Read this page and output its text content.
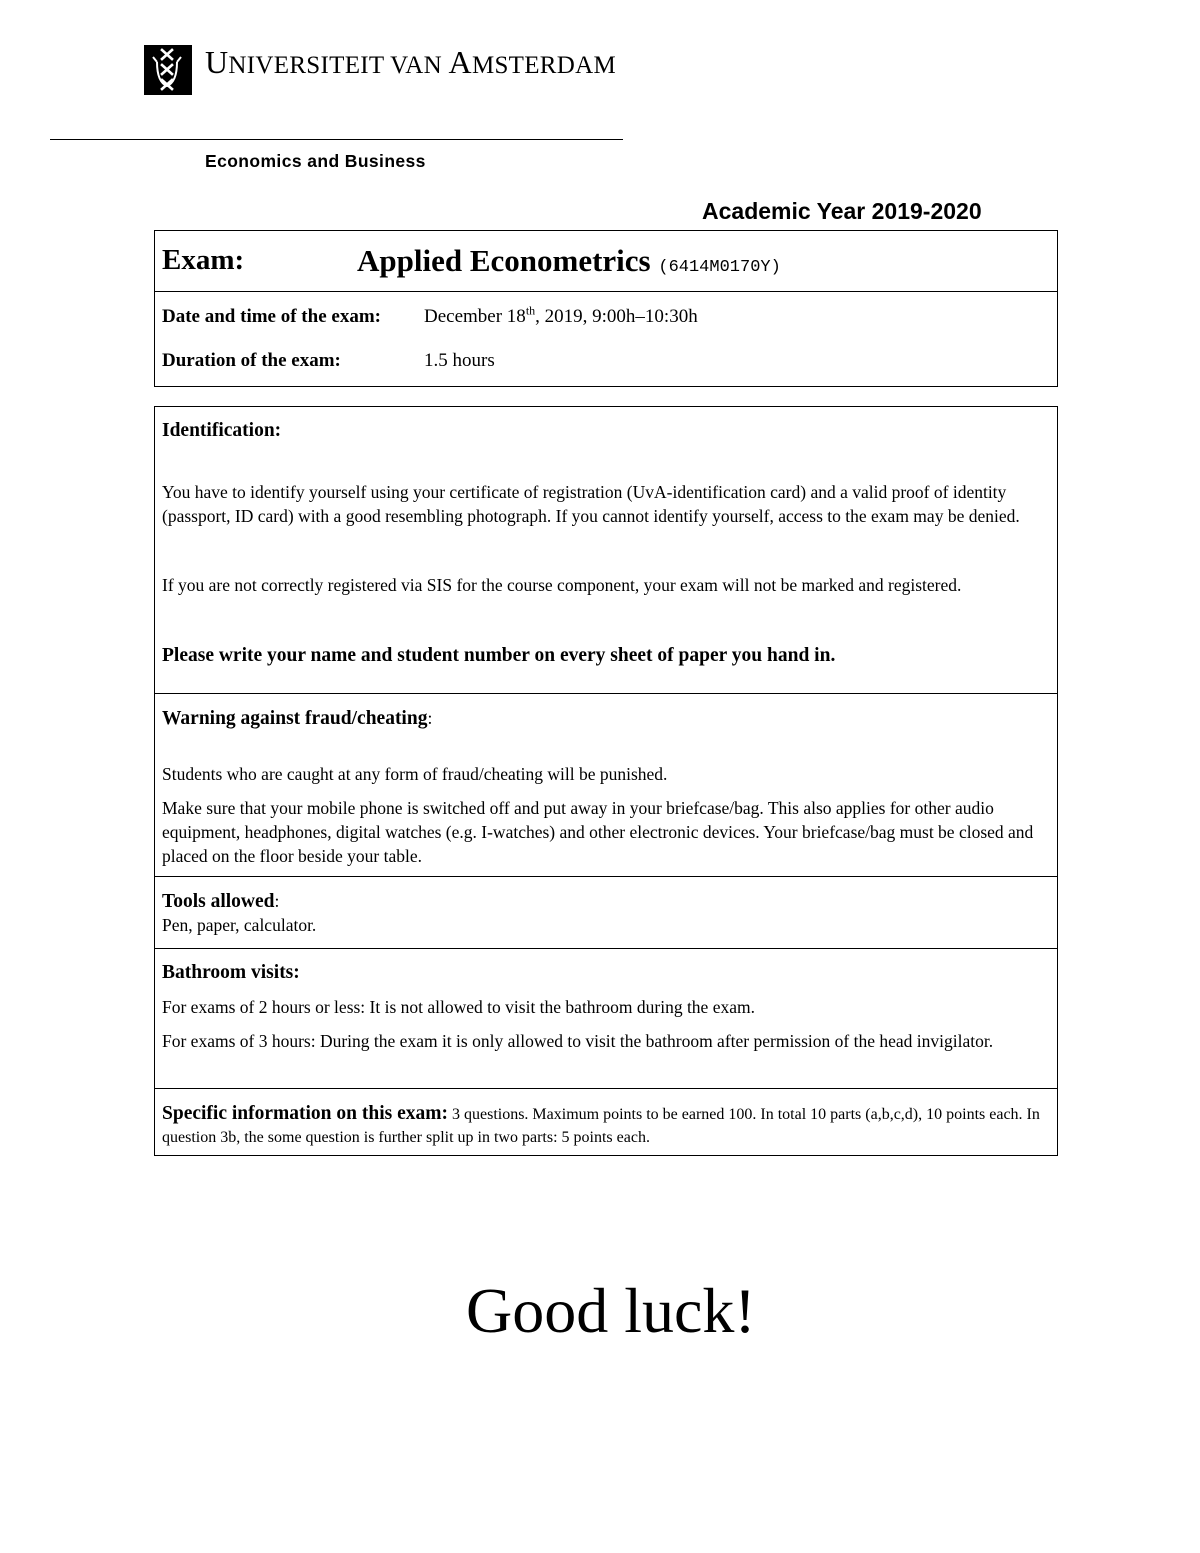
UNIVERSITEIT VAN AMSTERDAM
Economics and Business
Academic Year 2019-2020
Exam:	Applied Econometrics (6414M0170Y)
Date and time of the exam: December 18th, 2019, 9:00h–10:30h
Duration of the exam:	1.5 hours
Identification:

You have to identify yourself using your certificate of registration (UvA-identification card) and a valid proof of identity (passport, ID card) with a good resembling photograph. If you cannot identify yourself, access to the exam may be denied.

If you are not correctly registered via SIS for the course component, your exam will not be marked and registered.

Please write your name and student number on every sheet of paper you hand in.
Warning against fraud/cheating:

Students who are caught at any form of fraud/cheating will be punished.

Make sure that your mobile phone is switched off and put away in your briefcase/bag. This also applies for other audio equipment, headphones, digital watches (e.g. I-watches) and other electronic devices. Your briefcase/bag must be closed and placed on the floor beside your table.

Tools allowed:

Pen, paper, calculator.

Bathroom visits:

For exams of 2 hours or less: It is not allowed to visit the bathroom during the exam.

For exams of 3 hours: During the exam it is only allowed to visit the bathroom after permission of the head invigilator.

Specific information on this exam: 3 questions. Maximum points to be earned 100. In total 10 parts (a,b,c,d), 10 points each. In question 3b, the some question is further split up in two parts: 5 points each.

Good luck!
